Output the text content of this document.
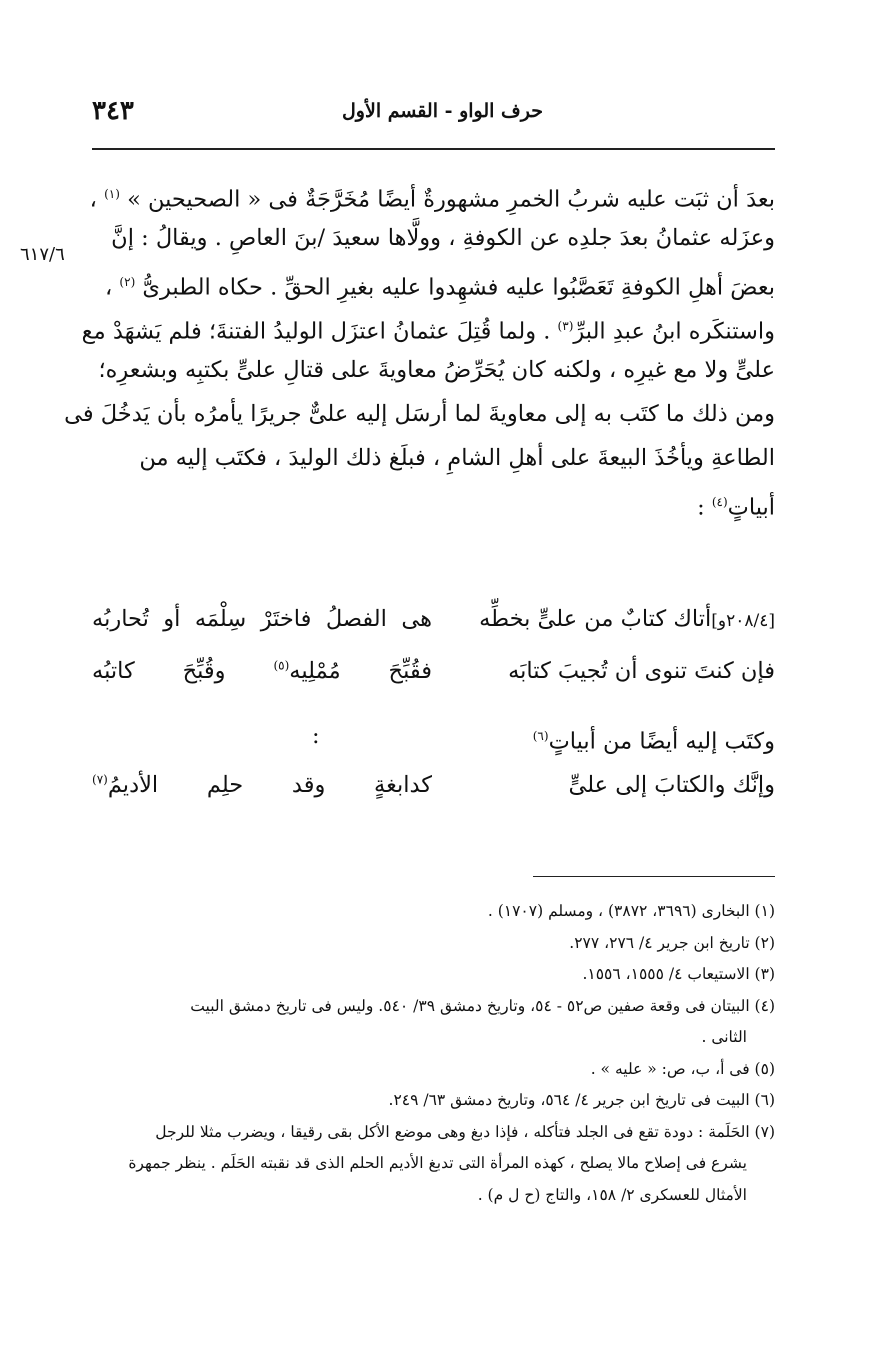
٣٤٣	حرف الواو - القسم الأول
٦١٧/٦
بعدَ أن ثبَت عليه شربُ الخمرِ مشهورةٌ أيضًا مُخَرَّجَةٌ فى « الصحيحين » $^{(١)}$ ،
وعزَله عثمانُ بعدَ جلدِه عن الكوفةِ ، وولَّاها سعيدَ /بنَ العاصِ . ويقالُ : إنَّ
بعضَ أهلِ الكوفةِ تَعَصَّبُوا عليه فشهِدوا عليه بغيرِ الحقِّ . حكاه الطبرىُّ $^{(٢)}$ ،
واستنكَره ابنُ عبدِ البرِّ$^{(٣)}$ . ولما قُتِلَ عثمانُ اعتزَل الوليدُ الفتنةَ؛ فلم يَشهَدْ مع
علىٍّ ولا مع غيرِه ، ولكنه كان يُحَرِّضُ معاويةَ على قتالِ علىٍّ بكتبِه وبشعرِه؛
ومن ذلك ما كتَب به إلى معاويةَ لما أرسَل إليه علىٌّ جريرًا يأمرُه بأن يَدخُلَ فى
الطاعةِ ويأخُذَ البيعةَ على أهلِ الشامِ ، فبلَغ ذلك الوليدَ ، فكتَب إليه من
أبياتٍ$^{(٤)}$ :
[٢٠٨/٤و]أتاك كتابٌ من علىٍّ بخطِّه
هى الفصلُ فاختَرْ سِلْمَه أو تُحاربُه
فإن كنتَ تنوى أن تُجيبَ كتابَه
فقُبِّحَ مُمْلِيه$^{(٥)}$ وقُبِّحَ كاتبُه
وكتَب إليه أيضًا من أبياتٍ$^{(٦)}$
:
وإنَّك والكتابَ إلى علىٍّ
كدابغةٍ وقد حلِم الأديمُ$^{(٧)}$
(١) البخارى (٣٦٩٦، ٣٨٧٢) ، ومسلم (١٧٠٧) .
(٢) تاريخ ابن جرير ٤/ ٢٧٦، ٢٧٧.
(٣) الاستيعاب ٤/ ١٥٥٥، ١٥٥٦.
(٤) البيتان فى وقعة صفين ص٥٢ - ٥٤، وتاريخ دمشق ٣٩/ ٥٤٠. وليس فى تاريخ دمشق البيت
الثانى .
(٥) فى أ، ب، ص: « عليه » .
(٦) البيت فى تاريخ ابن جرير ٤/ ٥٦٤، وتاريخ دمشق ٦٣/ ٢٤٩.
(٧) الحَلَمة : دودة تقع فى الجلد فتأكله ، فإذا دبغ وهى موضع الأكل بقى رقيقا ، ويضرب مثلا للرجل
يشرع فى إصلاح مالا يصلح ، كهذه المرأة التى تدبغ الأديم الحلم الذى قد نقبته الحَلَم . ينظر جمهرة الأمثال للعسكرى ٢/ ١٥٨، والتاج (ح ل م) .
